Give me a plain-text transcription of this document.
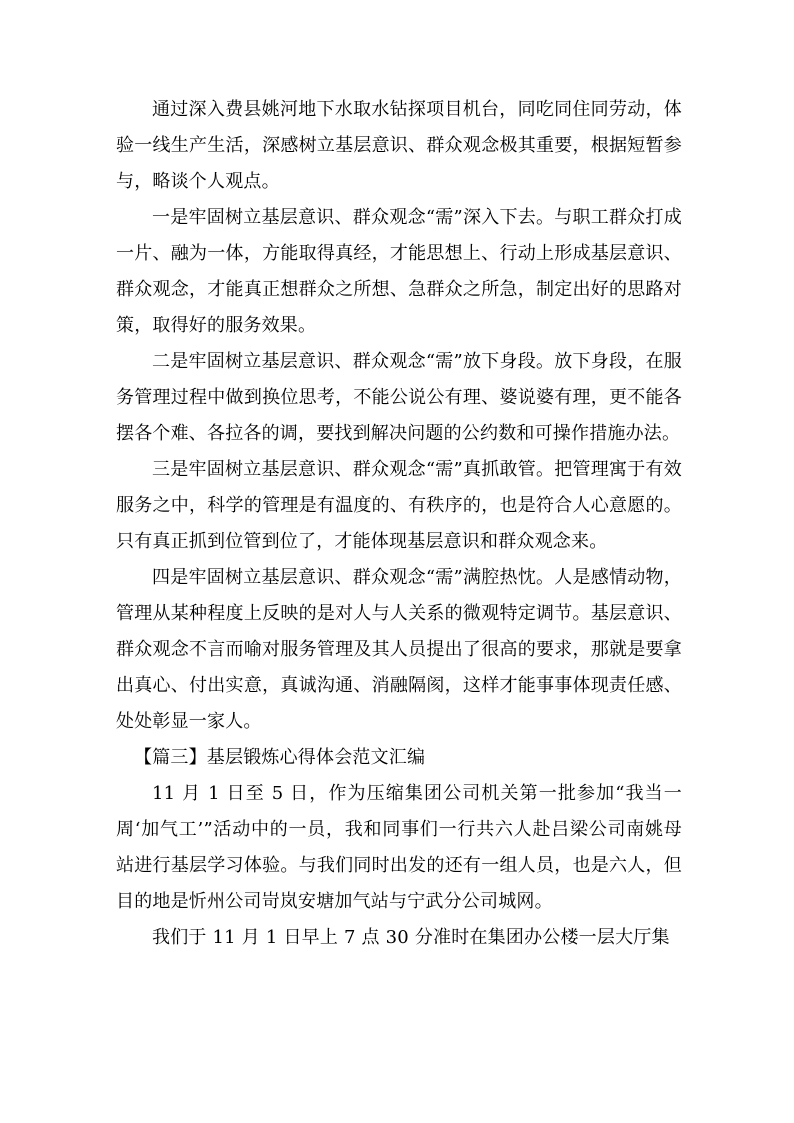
通过深入费县姚河地下水取水钻探项目机台，同吃同住同劳动，体验一线生产生活，深感树立基层意识、群众观念极其重要，根据短暂参与，略谈个人观点。

一是牢固树立基层意识、群众观念“需”深入下去。与职工群众打成一片、融为一体，方能取得真经，才能思想上、行动上形成基层意识、群众观念，才能真正想群众之所想、急群众之所急，制定出好的思路对策，取得好的服务效果。

二是牢固树立基层意识、群众观念“需”放下身段。放下身段，在服务管理过程中做到换位思考，不能公说公有理、婆说婆有理，更不能各摆各个难、各拉各的调，要找到解决问题的公约数和可操作措施办法。

三是牢固树立基层意识、群众观念“需”真抓敢管。把管理寓于有效服务之中，科学的管理是有温度的、有秩序的，也是符合人心意愿的。只有真正抓到位管到位了，才能体现基层意识和群众观念来。

四是牢固树立基层意识、群众观念“需”满腔热忱。人是感情动物，管理从某种程度上反映的是对人与人关系的微观特定调节。基层意识、群众观念不言而喻对服务管理及其人员提出了很高的要求，那就是要拿出真心、付出实意，真诚沟通、消融隔阂，这样才能事事体现责任感、处处彰显一家人。

【篇三】基层锻炼心得体会范文汇编

11 月 1 日至 5 日，作为压缩集团公司机关第一批参加“我当一周‘加气工’”活动中的一员，我和同事们一行共六人赴吕梁公司南姚母站进行基层学习体验。与我们同时出发的还有一组人员，也是六人，但目的地是忻州公司岢岚安塘加气站与宁武分公司城网。

我们于 11 月 1 日早上 7 点 30 分准时在集团办公楼一层大厅集
